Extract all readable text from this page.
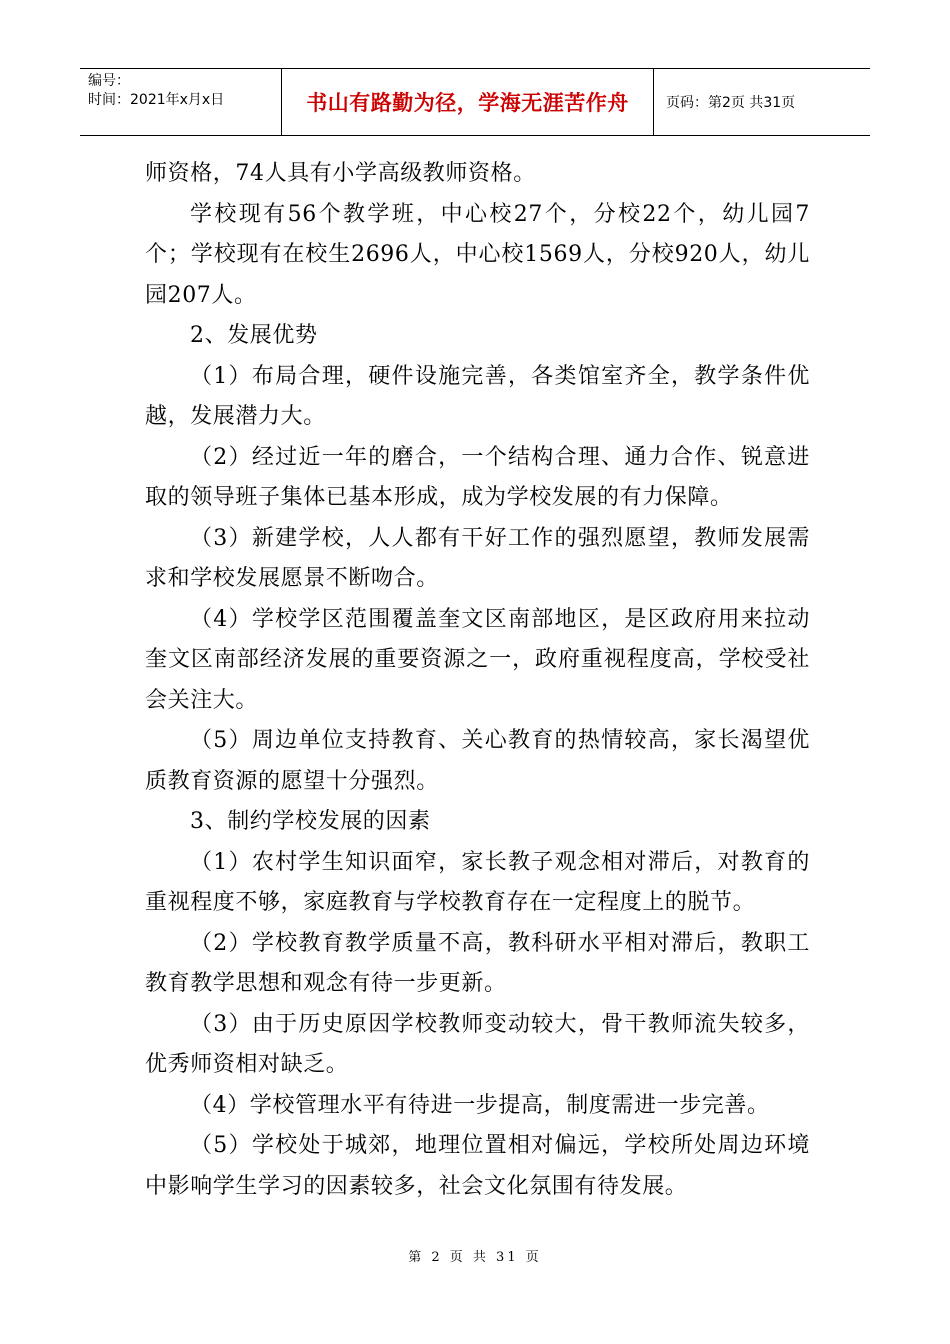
编号：
时间：2021年x月x日	书山有路勤为径，学海无涯苦作舟	页码：第2页 共31页

师资格，74人具有小学高级教师资格。

学校现有56个教学班，中心校27个，分校22个，幼儿园7个；学校现有在校生2696人，中心校1569人，分校920人，幼儿园207人。

2、发展优势

（1）布局合理，硬件设施完善，各类馆室齐全，教学条件优越，发展潜力大。

（2）经过近一年的磨合，一个结构合理、通力合作、锐意进取的领导班子集体已基本形成，成为学校发展的有力保障。

（3）新建学校，人人都有干好工作的强烈愿望，教师发展需求和学校发展愿景不断吻合。

（4）学校学区范围覆盖奎文区南部地区，是区政府用来拉动奎文区南部经济发展的重要资源之一，政府重视程度高，学校受社会关注大。

（5）周边单位支持教育、关心教育的热情较高，家长渴望优质教育资源的愿望十分强烈。

3、制约学校发展的因素

（1）农村学生知识面窄，家长教子观念相对滞后，对教育的重视程度不够，家庭教育与学校教育存在一定程度上的脱节。

（2）学校教育教学质量不高，教科研水平相对滞后，教职工教育教学思想和观念有待一步更新。

（3）由于历史原因学校教师变动较大，骨干教师流失较多，优秀师资相对缺乏。

（4）学校管理水平有待进一步提高，制度需进一步完善。

（5）学校处于城郊，地理位置相对偏远，学校所处周边环境中影响学生学习的因素较多，社会文化氛围有待发展。

第 2 页 共 31 页
